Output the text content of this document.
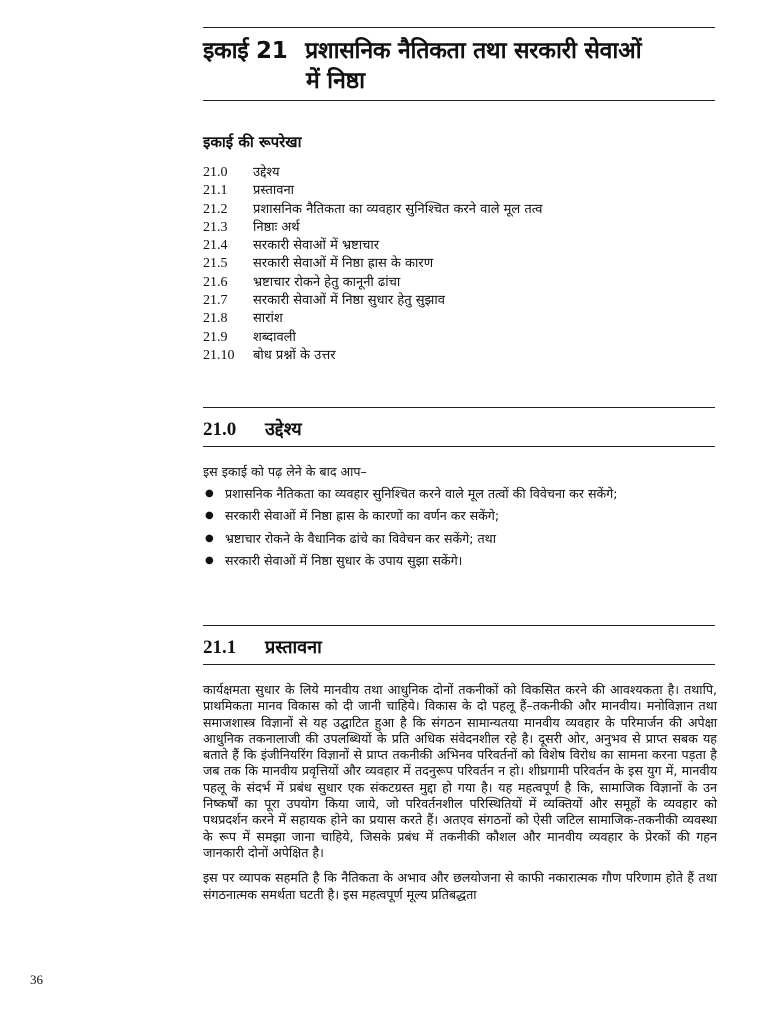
इकाई 21 प्रशासनिक नैतिकता तथा सरकारी सेवाओं
में निष्ठा
इकाई की रूपरेखा
21.0	उद्देश्य
21.1	प्रस्तावना
21.2	प्रशासनिक नैतिकता का व्यवहार सुनिश्चित करने वाले मूल तत्व
21.3	निष्ठाः अर्थ
21.4	सरकारी सेवाओं में भ्रष्टाचार
21.5	सरकारी सेवाओं में निष्ठा ह्रास के कारण
21.6	भ्रष्टाचार रोकने हेतु कानूनी ढांचा
21.7	सरकारी सेवाओं में निष्ठा सुधार हेतु सुझाव
21.8	सारांश
21.9	शब्दावली
21.10	बोध प्रश्नों के उत्तर
21.0 उद्देश्य
इस इकाई को पढ़ लेने के बाद आप–
● प्रशासनिक नैतिकता का व्यवहार सुनिश्चित करने वाले मूल तत्वों की विवेचना कर सकेंगे;
● सरकारी सेवाओं में निष्ठा ह्रास के कारणों का वर्णन कर सकेंगे;
● भ्रष्टाचार रोकने के वैधानिक ढांचे का विवेचन कर सकेंगे; तथा
● सरकारी सेवाओं में निष्ठा सुधार के उपाय सुझा सकेंगे।
21.1 प्रस्तावना

कार्यक्षमता सुधार के लिये मानवीय तथा आधुनिक दोनों तकनीकों को विकसित करने की आवश्यकता है। तथापि, प्राथमिकता मानव विकास को दी जानी चाहिये। विकास के दो पहलू हैं–तकनीकी और मानवीय। मनोविज्ञान तथा समाजशास्त्र विज्ञानों से यह उद्घाटित हुआ है कि संगठन सामान्यतया मानवीय व्यवहार के परिमार्जन की अपेक्षा आधुनिक तकनालाजी की उपलब्धियों के प्रति अधिक संवेदनशील रहे है। दूसरी ओर, अनुभव से प्राप्त सबक यह बताते हैं कि इंजीनियरिंग विज्ञानों से प्राप्त तकनीकी अभिनव परिवर्तनों को विशेष विरोध का सामना करना पड़ता है जब तक कि मानवीय प्रवृत्तियों और व्यवहार में तदनुरूप परिवर्तन न हो। शीघ्रगामी परिवर्तन के इस युग में, मानवीय पहलू के संदर्भ में प्रबंध सुधार एक संकटग्रस्त मुद्दा हो गया है। यह महत्वपूर्ण है कि, सामाजिक विज्ञानों के उन निष्कर्षों का पूरा उपयोग किया जाये, जो परिवर्तनशील परिस्थितियों में व्यक्तियों और समूहों के व्यवहार को पथप्रदर्शन करने में सहायक होने का प्रयास करते हैं। अतएव संगठनों को ऐसी जटिल सामाजिक-तकनीकी व्यवस्था के रूप में समझा जाना चाहिये, जिसके प्रबंध में तकनीकी कौशल और मानवीय व्यवहार के प्रेरकों की गहन जानकारी दोनों अपेक्षित है।

इस पर व्यापक सहमति है कि नैतिकता के अभाव और छलयोजना से काफी नकारात्मक गौण परिणाम होते हैं तथा संगठनात्मक समर्थता घटती है। इस महत्वपूर्ण मूल्य प्रतिबद्धता

36
